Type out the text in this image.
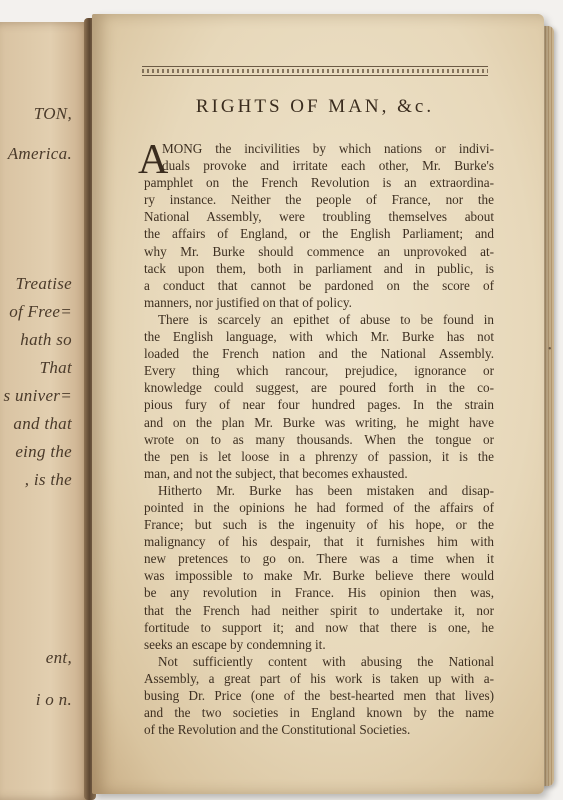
TON,
America.
Treatise
of Free=
hath so
That
s univer=
and that
eing the
, is the
ent,
i o n.
RIGHTS OF MAN, &c.
A
MONG the incivilities by which nations or indivi-
duals provoke and irritate each other, Mr. Burke's
pamphlet on the French Revolution is an extraordina-
ry instance. Neither the people of France, nor the
National Assembly, were troubling themselves about
the affairs of England, or the English Parliament; and
why Mr. Burke should commence an unprovoked at-
tack upon them, both in parliament and in public, is
a conduct that cannot be pardoned on the score of
manners, nor justified on that of policy.
There is scarcely an epithet of abuse to be found in
the English language, with which Mr. Burke has not
loaded the French nation and the National Assembly.
Every thing which rancour, prejudice, ignorance or
knowledge could suggest, are poured forth in the co-
pious fury of near four hundred pages. In the strain
and on the plan Mr. Burke was writing, he might have
wrote on to as many thousands. When the tongue or
the pen is let loose in a phrenzy of passion, it is the
man, and not the subject, that becomes exhausted.
Hitherto Mr. Burke has been mistaken and disap-
pointed in the opinions he had formed of the affairs of
France; but such is the ingenuity of his hope, or the
malignancy of his despair, that it furnishes him with
new pretences to go on. There was a time when it
was impossible to make Mr. Burke believe there would
be any revolution in France. His opinion then was,
that the French had neither spirit to undertake it, nor
fortitude to support it; and now that there is one, he
seeks an escape by condemning it.
Not sufficiently content with abusing the National
Assembly, a great part of his work is taken up with a-
busing Dr. Price (one of the best-hearted men that lives)
and the two societies in England known by the name
of the Revolution and the Constitutional Societies.
•
